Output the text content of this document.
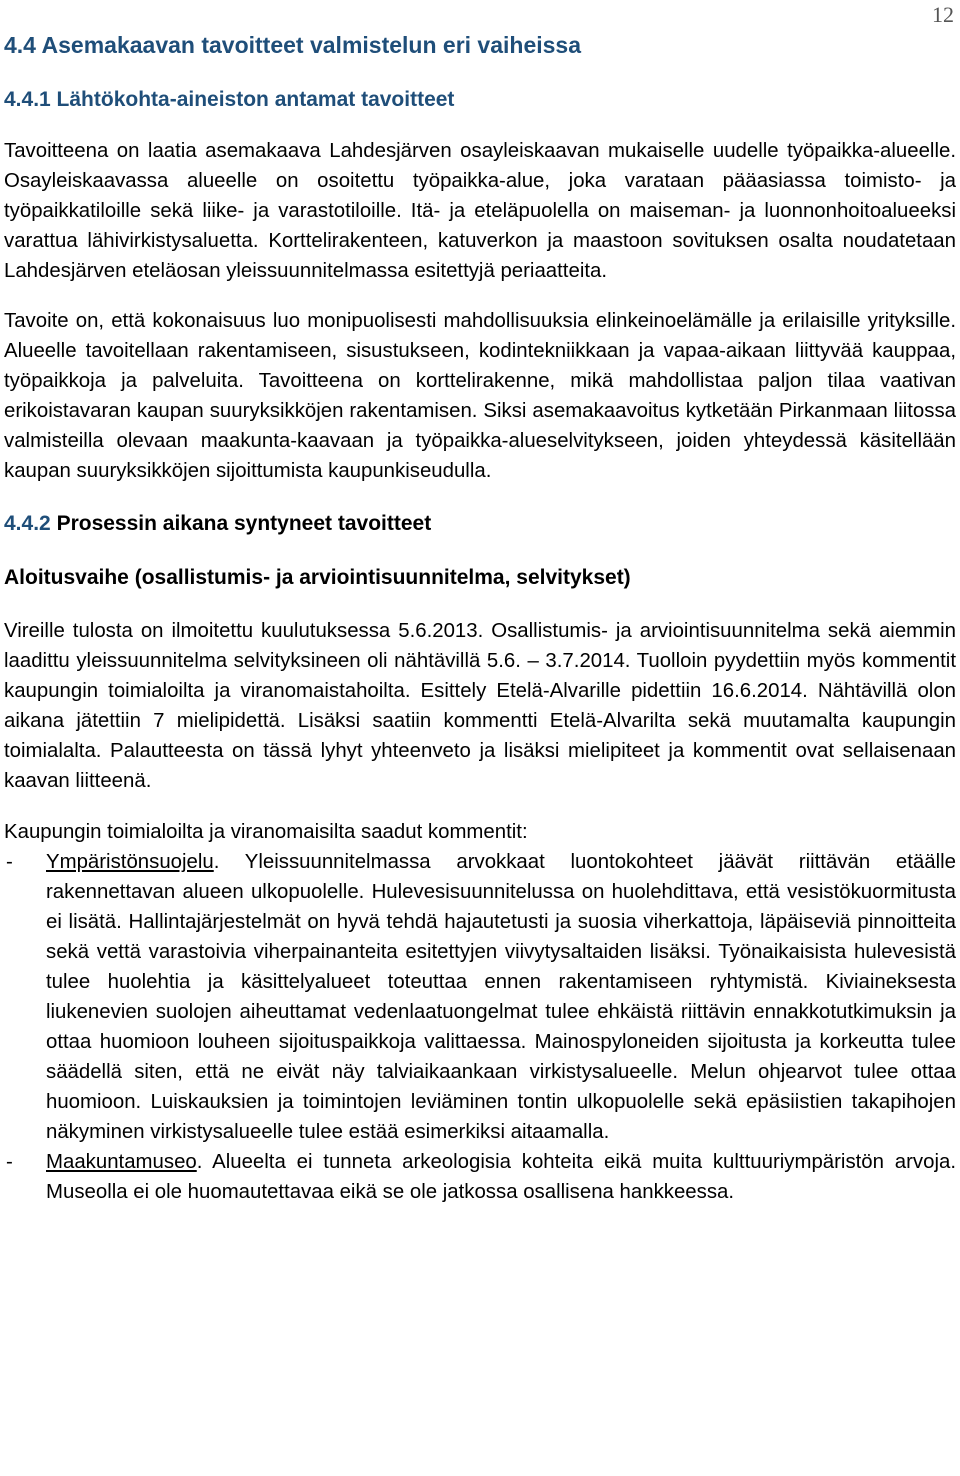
12
4.4 Asemakaavan tavoitteet valmistelun eri vaiheissa
4.4.1 Lähtökohta-aineiston antamat tavoitteet

Tavoitteena on laatia asemakaava Lahdesjärven osayleiskaavan mukaiselle uudelle työpaikka-alueelle. Osayleiskaavassa alueelle on osoitettu työpaikka-alue, joka varataan pääasiassa toimisto- ja työpaikkatiloille sekä liike- ja varastotiloille. Itä- ja eteläpuolella on maiseman- ja luonnonhoitoalueeksi varattua lähivirkistysaluetta. Korttelirakenteen, katuverkon ja maastoon sovituksen osalta noudatetaan Lahdesjärven eteläosan yleissuunnitelmassa esitettyjä periaatteita.

Tavoite on, että kokonaisuus luo monipuolisesti mahdollisuuksia elinkeinoelämälle ja erilaisille yrityksille. Alueelle tavoitellaan rakentamiseen, sisustukseen, kodintekniikkaan ja vapaa-aikaan liittyvää kauppaa, työpaikkoja ja palveluita. Tavoitteena on korttelirakenne, mikä mahdollistaa paljon tilaa vaativan erikoistavaran kaupan suuryksikköjen rakentamisen. Siksi asemakaavoitus kytketään Pirkanmaan liitossa valmisteilla olevaan maakunta-kaavaan ja työpaikka-alueselvitykseen, joiden yhteydessä käsitellään kaupan suuryksikköjen sijoittumista kaupunkiseudulla.

4.4.2 Prosessin aikana syntyneet tavoitteet
Aloitusvaihe (osallistumis- ja arviointisuunnitelma, selvitykset)

Vireille tulosta on ilmoitettu kuulutuksessa 5.6.2013. Osallistumis- ja arviointisuunnitelma sekä aiemmin laadittu yleissuunnitelma selvityksineen oli nähtävillä 5.6. – 3.7.2014. Tuolloin pyydettiin myös kommentit kaupungin toimialoilta ja viranomaistahoilta. Esittely Etelä-Alvarille pidettiin 16.6.2014. Nähtävillä olon aikana jätettiin 7 mielipidettä. Lisäksi saatiin kommentti Etelä-Alvarilta sekä muutamalta kaupungin toimialalta. Palautteesta on tässä lyhyt yhteenveto ja lisäksi mielipiteet ja kommentit ovat sellaisenaan kaavan liitteenä.

Kaupungin toimialoilta ja viranomaisilta saadut kommentit:

-	Ympäristönsuojelu. Yleissuunnitelmassa arvokkaat luontokohteet jäävät riittävän etäälle rakennettavan alueen ulkopuolelle. Hulevesisuunnitelussa on huolehdittava, että vesistökuormitusta ei lisätä. Hallintajärjestelmät on hyvä tehdä hajautetusti ja suosia viherkattoja, läpäiseviä pinnoitteita sekä vettä varastoivia viherpainanteita esitettyjen viivytysaltaiden lisäksi. Työnaikaisista hulevesistä tulee huolehtia ja käsittelyalueet toteuttaa ennen rakentamiseen ryhtymistä. Kiviaineksesta liukenevien suolojen aiheuttamat vedenlaatuongelmat tulee ehkäistä riittävin ennakkotutkimuksin ja ottaa huomioon louheen sijoituspaikkoja valittaessa. Mainospyloneiden sijoitusta ja korkeutta tulee säädellä siten, että ne eivät näy talviaikaankaan virkistysalueelle. Melun ohjearvot tulee ottaa huomioon. Luiskauksien ja toimintojen leviäminen tontin ulkopuolelle sekä epäsiistien takapihojen näkyminen virkistysalueelle tulee estää esimerkiksi aitaamalla.
-	Maakuntamuseo. Alueelta ei tunneta arkeologisia kohteita eikä muita kulttuuriympäristön arvoja. Museolla ei ole huomautettavaa eikä se ole jatkossa osallisena hankkeessa.
